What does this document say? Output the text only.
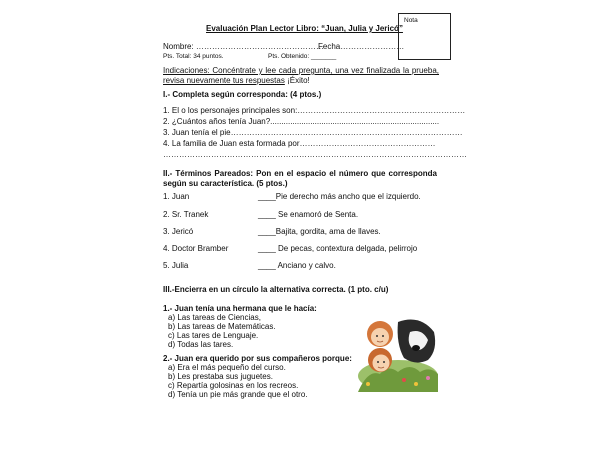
Evaluación Plan Lector Libro: “Juan, Julia y Jericó”
Nota
Nombre: …………………………………………
Fecha……………………
Pts. Total: 34 puntos.	Pts. Obtenido: _______
Indicaciones: Concéntrate y lee cada pregunta, una vez finalizada la prueba, revisa nuevamente tus respuestas ¡Éxito!
I.- Completa según corresponda: (4 ptos.)
1. El o los personajes principales son:………………………………………………………
2. ¿Cuántos años tenía Juan?............................................................................
3. Juan tenía el pie……………………………………………………………………………
4. La familia de Juan esta formada por……………………………………………
……………………………………………………………………………………………………
II.- Términos Pareados: Pon en el espacio el número que corresponda según su característica. (5 ptos.)
1. Juan	____Pie derecho más ancho que el izquierdo.
2. Sr. Tranek	____ Se enamoró de Senta.
3. Jericó	____Bajita, gordita, ama de llaves.
4. Doctor Bramber	____ De pecas, contextura delgada, pelirrojo
5. Julia	____ Anciano y calvo.
III.-Encierra en un círculo la alternativa correcta. (1 pto. c/u)
1.- Juan tenía una hermana que le hacía:
a) Las tareas de Ciencias,
b) Las tareas de Matemáticas.
c) Las tares de Lenguaje.
d) Todas las tares.
2.- Juan era querido por sus compañeros porque:
a) Era el más pequeño del curso.
b) Les prestaba sus juguetes.
c) Repartía golosinas en los recreos.
d) Tenía un pie más grande que el otro.
